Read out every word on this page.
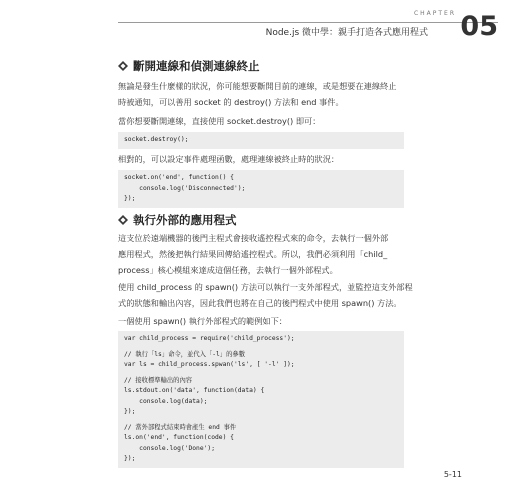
CHAPTER
Node.js 微中學：親手打造各式應用程式 05
斷開連線和偵測連線終止
無論是發生什麼樣的狀況，你可能想要斷開目前的連線，或是想要在連線終止
時被通知，可以善用 socket 的 destroy() 方法和 end 事件。
當你想要斷開連線，直接使用 socket.destroy() 即可：
socket.destroy();
相對的，可以設定事件處理函數，處理連線被終止時的狀況：
socket.on('end', function() {
console.log('Disconnected');
});
執行外部的應用程式
這支位於遠端機器的後門主程式會接收遙控程式來的命令，去執行一個外部
應用程式，然後把執行結果回傳給遙控程式。所以，我們必須利用「child_
process」核心模組來達成這個任務，去執行一個外部程式。
使用 child_process 的 spawn() 方法可以執行一支外部程式，並監控這支外部程
式的狀態和輸出內容，因此我們也將在自己的後門程式中使用 spawn() 方法。
一個使用 spawn() 執行外部程式的範例如下：
var child_process = require('child_process');
// 執行「ls」命令，並代入「-l」的參數
var ls = child_process.spwan('ls', [ '-l' ]);
// 接收標準輸出的內容
ls.stdout.on('data', function(data) {
console.log(data);
});
// 當外部程式結束時會產生 end 事件
ls.on('end', function(code) {
console.log('Done');
});
5-11
